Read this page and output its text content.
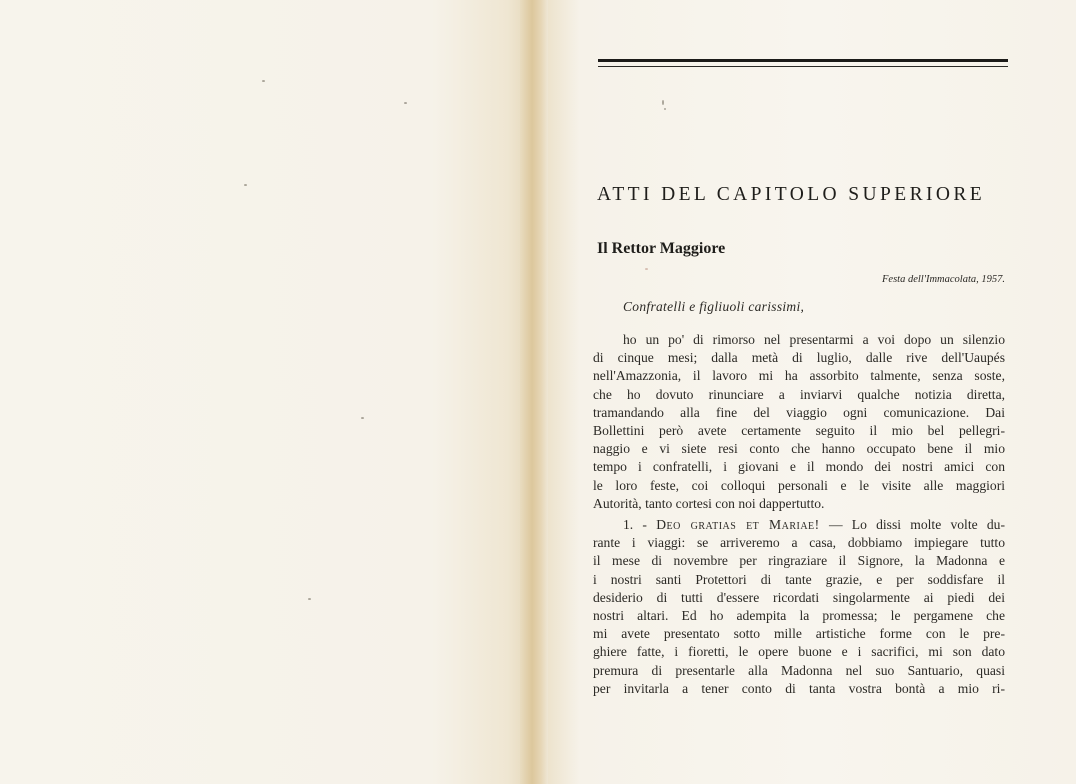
ATTI DEL CAPITOLO SUPERIORE
Il Rettor Maggiore
Festa dell'Immacolata, 1957.
Confratelli e figliuoli carissimi,
ho un po' di rimorso nel presentarmi a voi dopo un silenzio
di cinque mesi; dalla metà di luglio, dalle rive dell'Uaupés
nell'Amazzonia, il lavoro mi ha assorbito talmente, senza soste,
che ho dovuto rinunciare a inviarvi qualche notizia diretta,
tramandando alla fine del viaggio ogni comunicazione. Dai
Bollettini però avete certamente seguito il mio bel pellegri-
naggio e vi siete resi conto che hanno occupato bene il mio
tempo i confratelli, i giovani e il mondo dei nostri amici con
le loro feste, coi colloqui personali e le visite alle maggiori
Autorità, tanto cortesi con noi dappertutto.
1. - Deo gratias et Mariae! — Lo dissi molte volte du-
rante i viaggi: se arriveremo a casa, dobbiamo impiegare tutto
il mese di novembre per ringraziare il Signore, la Madonna e
i nostri santi Protettori di tante grazie, e per soddisfare il
desiderio di tutti d'essere ricordati singolarmente ai piedi dei
nostri altari. Ed ho adempita la promessa; le pergamene che
mi avete presentato sotto mille artistiche forme con le pre-
ghiere fatte, i fioretti, le opere buone e i sacrifici, mi son dato
premura di presentarle alla Madonna nel suo Santuario, quasi
per invitarla a tener conto di tanta vostra bontà a mio ri-
